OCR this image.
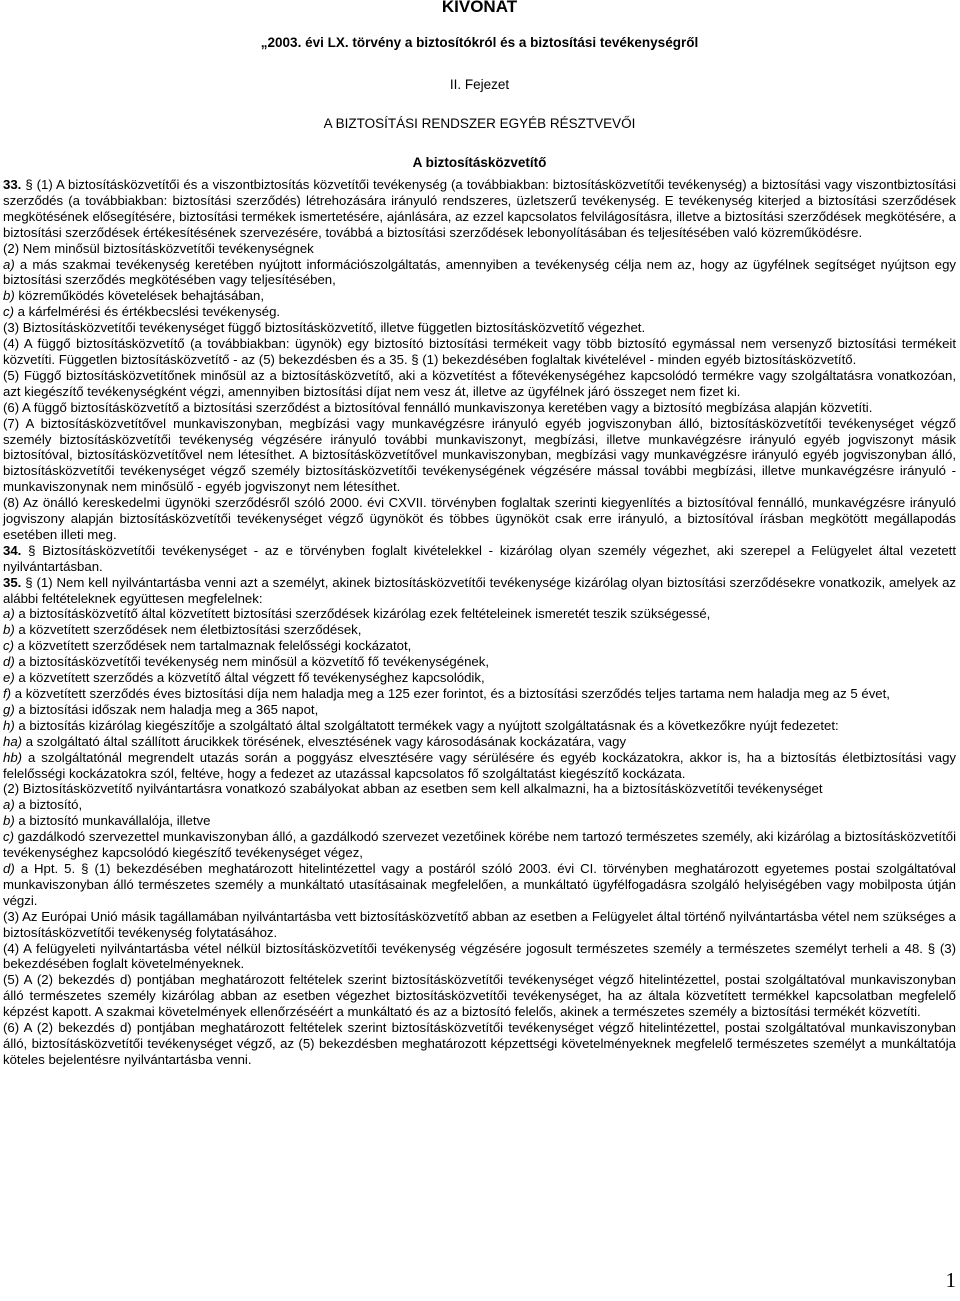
KIVONAT

„2003. évi LX. törvény a biztosítókról és a biztosítási tevékenységről

II. Fejezet

A BIZTOSÍTÁSI RENDSZER EGYÉB RÉSZTVEVŐI

A biztosításközvetítő

33. § (1) A biztosításközvetítői és a viszontbiztosítás közvetítői tevékenység (a továbbiakban: biztosításközvetítői tevékenység) a biztosítási vagy viszontbiztosítási szerződés (a továbbiakban: biztosítási szerződés) létrehozására irányuló rendszeres, üzletszerű tevékenység. E tevékenység kiterjed a biztosítási szerződések megkötésének elősegítésére, biztosítási termékek ismertetésére, ajánlására, az ezzel kapcsolatos felvilágosításra, illetve a biztosítási szerződések megkötésére, a biztosítási szerződések értékesítésének szervezésére, továbbá a biztosítási szerződések lebonyolításában és teljesítésében való közreműködésre.

(2) Nem minősül biztosításközvetítői tevékenységnek

a) a más szakmai tevékenység keretében nyújtott információszolgáltatás, amennyiben a tevékenység célja nem az, hogy az ügyfélnek segítséget nyújtson egy biztosítási szerződés megkötésében vagy teljesítésében,

b) közreműködés követelések behajtásában,

c) a kárfelmérési és értékbecslési tevékenység.

(3) Biztosításközvetítői tevékenységet függő biztosításközvetítő, illetve független biztosításközvetítő végezhet.

(4) A függő biztosításközvetítő (a továbbiakban: ügynök) egy biztosító biztosítási termékeit vagy több biztosító egymással nem versenyző biztosítási termékeit közvetíti. Független biztosításközvetítő - az (5) bekezdésben és a 35. § (1) bekezdésében foglaltak kivételével - minden egyéb biztosításközvetítő.

(5) Függő biztosításközvetítőnek minősül az a biztosításközvetítő, aki a közvetítést a főtevékenységéhez kapcsolódó termékre vagy szolgáltatásra vonatkozóan, azt kiegészítő tevékenységként végzi, amennyiben biztosítási díjat nem vesz át, illetve az ügyfélnek járó összeget nem fizet ki.

(6) A függő biztosításközvetítő a biztosítási szerződést a biztosítóval fennálló munkaviszonya keretében vagy a biztosító megbízása alapján közvetíti.

(7) A biztosításközvetítővel munkaviszonyban, megbízási vagy munkavégzésre irányuló egyéb jogviszonyban álló, biztosításközvetítői tevékenységet végző személy biztosításközvetítői tevékenység végzésére irányuló további munkaviszonyt, megbízási, illetve munkavégzésre irányuló egyéb jogviszonyt másik biztosítóval, biztosításközvetítővel nem létesíthet. A biztosításközvetítővel munkaviszonyban, megbízási vagy munkavégzésre irányuló egyéb jogviszonyban álló, biztosításközvetítői tevékenységet végző személy biztosításközvetítői tevékenységének végzésére mással további megbízási, illetve munkavégzésre irányuló - munkaviszonynak nem minősülő - egyéb jogviszonyt nem létesíthet.

(8) Az önálló kereskedelmi ügynöki szerződésről szóló 2000. évi CXVII. törvényben foglaltak szerinti kiegyenlítés a biztosítóval fennálló, munkavégzésre irányuló jogviszony alapján biztosításközvetítői tevékenységet végző ügynököt és többes ügynököt csak erre irányuló, a biztosítóval írásban megkötött megállapodás esetében illeti meg.

34. § Biztosításközvetítői tevékenységet - az e törvényben foglalt kivételekkel - kizárólag olyan személy végezhet, aki szerepel a Felügyelet által vezetett nyilvántartásban.

35. § (1) Nem kell nyilvántartásba venni azt a személyt, akinek biztosításközvetítői tevékenysége kizárólag olyan biztosítási szerződésekre vonatkozik, amelyek az alábbi feltételeknek együttesen megfelelnek:

a) a biztosításközvetítő által közvetített biztosítási szerződések kizárólag ezek feltételeinek ismeretét teszik szükségessé,

b) a közvetített szerződések nem életbiztosítási szerződések,

c) a közvetített szerződések nem tartalmaznak felelősségi kockázatot,

d) a biztosításközvetítői tevékenység nem minősül a közvetítő fő tevékenységének,

e) a közvetített szerződés a közvetítő által végzett fő tevékenységhez kapcsolódik,

f) a közvetített szerződés éves biztosítási díja nem haladja meg a 125 ezer forintot, és a biztosítási szerződés teljes tartama nem haladja meg az 5 évet,

g) a biztosítási időszak nem haladja meg a 365 napot,

h) a biztosítás kizárólag kiegészítője a szolgáltató által szolgáltatott termékek vagy a nyújtott szolgáltatásnak és a következőkre nyújt fedezetet:

ha) a szolgáltató által szállított árucikkek törésének, elvesztésének vagy károsodásának kockázatára, vagy

hb) a szolgáltatónál megrendelt utazás során a poggyász elvesztésére vagy sérülésére és egyéb kockázatokra, akkor is, ha a biztosítás életbiztosítási vagy felelősségi kockázatokra szól, feltéve, hogy a fedezet az utazással kapcsolatos fő szolgáltatást kiegészítő kockázata.

(2) Biztosításközvetítő nyilvántartásra vonatkozó szabályokat abban az esetben sem kell alkalmazni, ha a biztosításközvetítői tevékenységet

a) a biztosító,

b) a biztosító munkavállalója, illetve

c) gazdálkodó szervezettel munkaviszonyban álló, a gazdálkodó szervezet vezetőinek körébe nem tartozó természetes személy, aki kizárólag a biztosításközvetítői tevékenységhez kapcsolódó kiegészítő tevékenységet végez,

d) a Hpt. 5. § (1) bekezdésében meghatározott hitelintézettel vagy a postáról szóló 2003. évi CI. törvényben meghatározott egyetemes postai szolgáltatóval munkaviszonyban álló természetes személy a munkáltató utasításainak megfelelően, a munkáltató ügyfélfogadásra szolgáló helyiségében vagy mobilposta útján végzi.

(3) Az Európai Unió másik tagállamában nyilvántartásba vett biztosításközvetítő abban az esetben a Felügyelet által történő nyilvántartásba vétel nem szükséges a biztosításközvetítői tevékenység folytatásához.

(4) A felügyeleti nyilvántartásba vétel nélkül biztosításközvetítői tevékenység végzésére jogosult természetes személy a természetes személyt terheli a 48. § (3) bekezdésében foglalt követelményeknek.

(5) A (2) bekezdés d) pontjában meghatározott feltételek szerint biztosításközvetítői tevékenységet végző hitelintézettel, postai szolgáltatóval munkaviszonyban álló természetes személy kizárólag abban az esetben végezhet biztosításközvetítői tevékenységet, ha az általa közvetített termékkel kapcsolatban megfelelő képzést kapott. A szakmai követelmények ellenőrzéséért a munkáltató és az a biztosító felelős, akinek a természetes személy a biztosítási termékét közvetíti.

(6) A (2) bekezdés d) pontjában meghatározott feltételek szerint biztosításközvetítői tevékenységet végző hitelintézettel, postai szolgáltatóval munkaviszonyban álló, biztosításközvetítői tevékenységet végző, az (5) bekezdésben meghatározott képzettségi követelményeknek megfelelő természetes személyt a munkáltatója köteles bejelentésre nyilvántartásba venni.

1
